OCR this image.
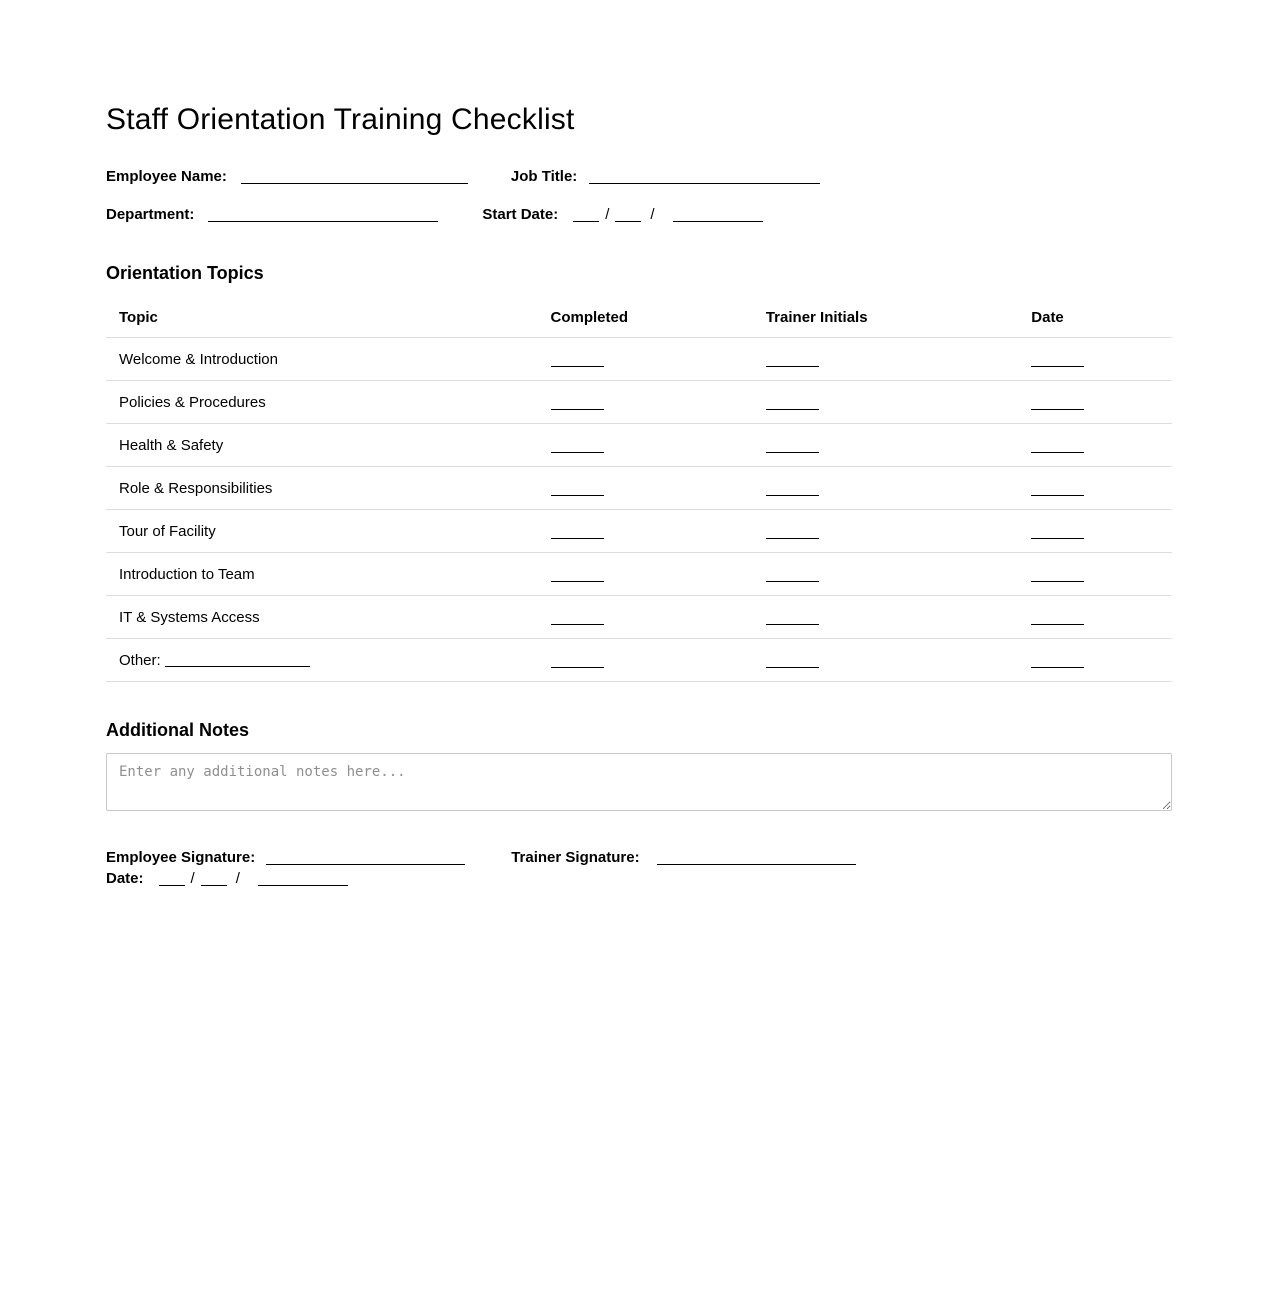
Staff Orientation Training Checklist
Employee Name:	Job Title:
Department:	Start Date:	/	/
Orientation Topics
Topic	Completed	Trainer Initials	Date
Welcome & Introduction			
Policies & Procedures			
Health & Safety			
Role & Responsibilities			
Tour of Facility			
Introduction to Team			
IT & Systems Access			
Other:			
Additional Notes
Enter any additional notes here...
Employee Signature:	Trainer Signature:
Date:	/	/
